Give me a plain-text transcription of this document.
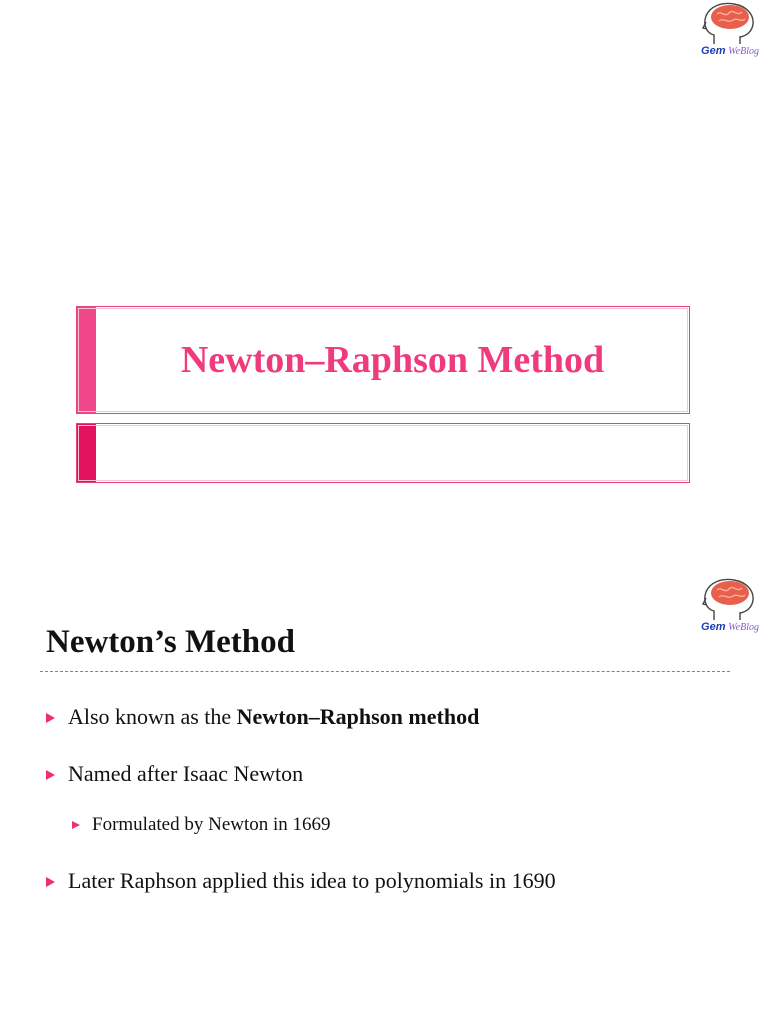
Gem WeBlog
Newton–Raphson Method
Gem WeBlog
Newton’s Method
Also known as the Newton–Raphson method
Named after Isaac Newton
Formulated by Newton in 1669
Later Raphson applied this idea to polynomials in 1690
